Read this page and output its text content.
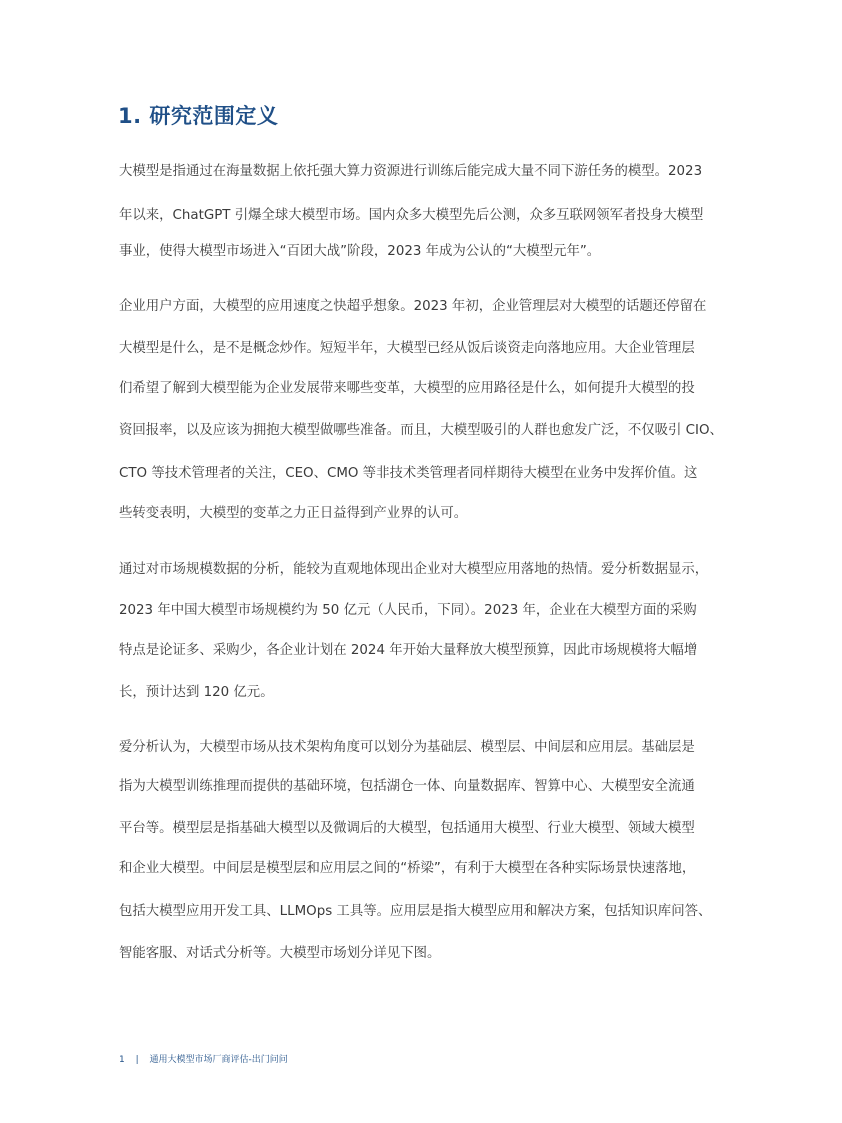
1. 研究范围定义
大模型是指通过在海量数据上依托强大算力资源进行训练后能完成大量不同下游任务的模型。2023
年以来，ChatGPT 引爆全球大模型市场。国内众多大模型先后公测，众多互联网领军者投身大模型
事业，使得大模型市场进入“百团大战”阶段，2023 年成为公认的“大模型元年”。
企业用户方面，大模型的应用速度之快超乎想象。2023 年初，企业管理层对大模型的话题还停留在
大模型是什么，是不是概念炒作。短短半年，大模型已经从饭后谈资走向落地应用。大企业管理层
们希望了解到大模型能为企业发展带来哪些变革，大模型的应用路径是什么，如何提升大模型的投
资回报率，以及应该为拥抱大模型做哪些准备。而且，大模型吸引的人群也愈发广泛，不仅吸引 CIO、
CTO 等技术管理者的关注，CEO、CMO 等非技术类管理者同样期待大模型在业务中发挥价值。这
些转变表明，大模型的变革之力正日益得到产业界的认可。
通过对市场规模数据的分析，能较为直观地体现出企业对大模型应用落地的热情。爱分析数据显示，
2023 年中国大模型市场规模约为 50 亿元（人民币，下同）。2023 年，企业在大模型方面的采购
特点是论证多、采购少，各企业计划在 2024 年开始大量释放大模型预算，因此市场规模将大幅增
长，预计达到 120 亿元。
爱分析认为，大模型市场从技术架构角度可以划分为基础层、模型层、中间层和应用层。基础层是
指为大模型训练推理而提供的基础环境，包括湖仓一体、向量数据库、智算中心、大模型安全流通
平台等。模型层是指基础大模型以及微调后的大模型，包括通用大模型、行业大模型、领域大模型
和企业大模型。中间层是模型层和应用层之间的“桥梁”，有利于大模型在各种实际场景快速落地，
包括大模型应用开发工具、LLMOps 工具等。应用层是指大模型应用和解决方案，包括知识库问答、
智能客服、对话式分析等。大模型市场划分详见下图。
1 | 通用大模型市场厂商评估-出门问问
